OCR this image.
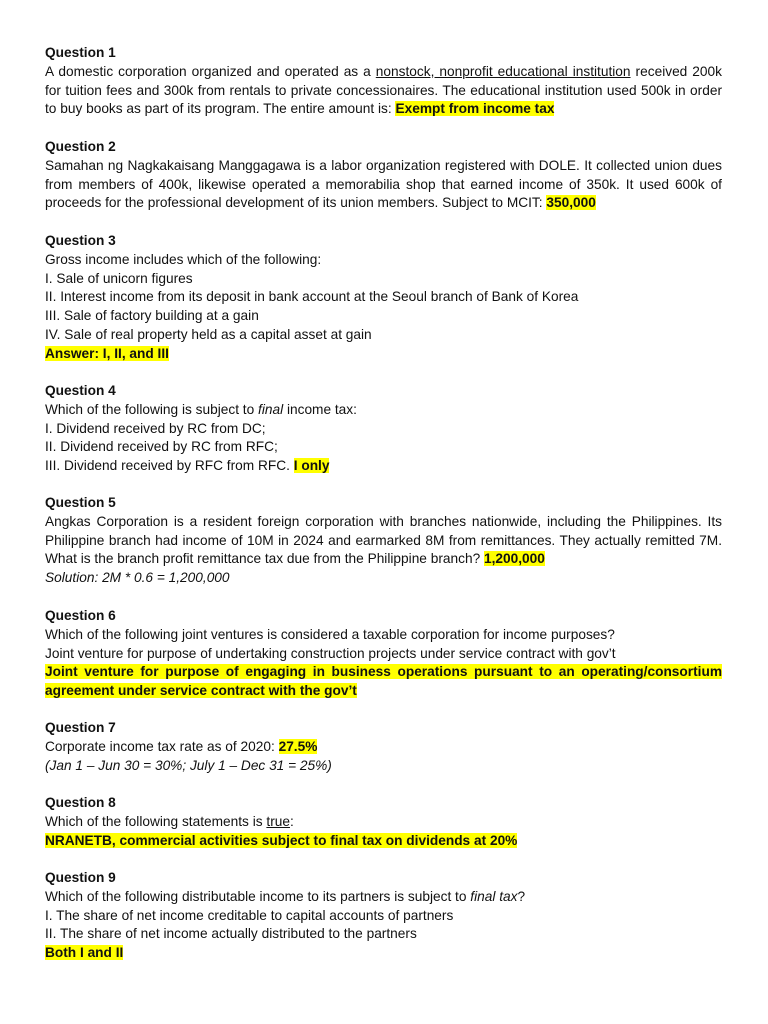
Question 1

A domestic corporation organized and operated as a nonstock, nonprofit educational institution received 200k for tuition fees and 300k from rentals to private concessionaires. The educational institution used 500k in order to buy books as part of its program. The entire amount is: Exempt from income tax

Question 2

Samahan ng Nagkakaisang Manggagawa is a labor organization registered with DOLE. It collected union dues from members of 400k, likewise operated a memorabilia shop that earned income of 350k. It used 600k of proceeds for the professional development of its union members. Subject to MCIT: 350,000

Question 3

Gross income includes which of the following:

I. Sale of unicorn figures

II. Interest income from its deposit in bank account at the Seoul branch of Bank of Korea

III. Sale of factory building at a gain

IV. Sale of real property held as a capital asset at gain

Answer: I, II, and III

Question 4

Which of the following is subject to final income tax:

I. Dividend received by RC from DC;

II. Dividend received by RC from RFC;

III. Dividend received by RFC from RFC. I only

Question 5

Angkas Corporation is a resident foreign corporation with branches nationwide, including the Philippines. Its Philippine branch had income of 10M in 2024 and earmarked 8M from remittances. They actually remitted 7M. What is the branch profit remittance tax due from the Philippine branch? 1,200,000

Solution: 2M * 0.6 = 1,200,000

Question 6

Which of the following joint ventures is considered a taxable corporation for income purposes?

Joint venture for purpose of undertaking construction projects under service contract with gov’t

Joint venture for purpose of engaging in business operations pursuant to an operating/consortium agreement under service contract with the gov’t

Question 7

Corporate income tax rate as of 2020: 27.5%

(Jan 1 – Jun 30 = 30%; July 1 – Dec 31 = 25%)

Question 8

Which of the following statements is true:

NRANETB, commercial activities subject to final tax on dividends at 20%

Question 9

Which of the following distributable income to its partners is subject to final tax?

I. The share of net income creditable to capital accounts of partners

II. The share of net income actually distributed to the partners

Both I and II
